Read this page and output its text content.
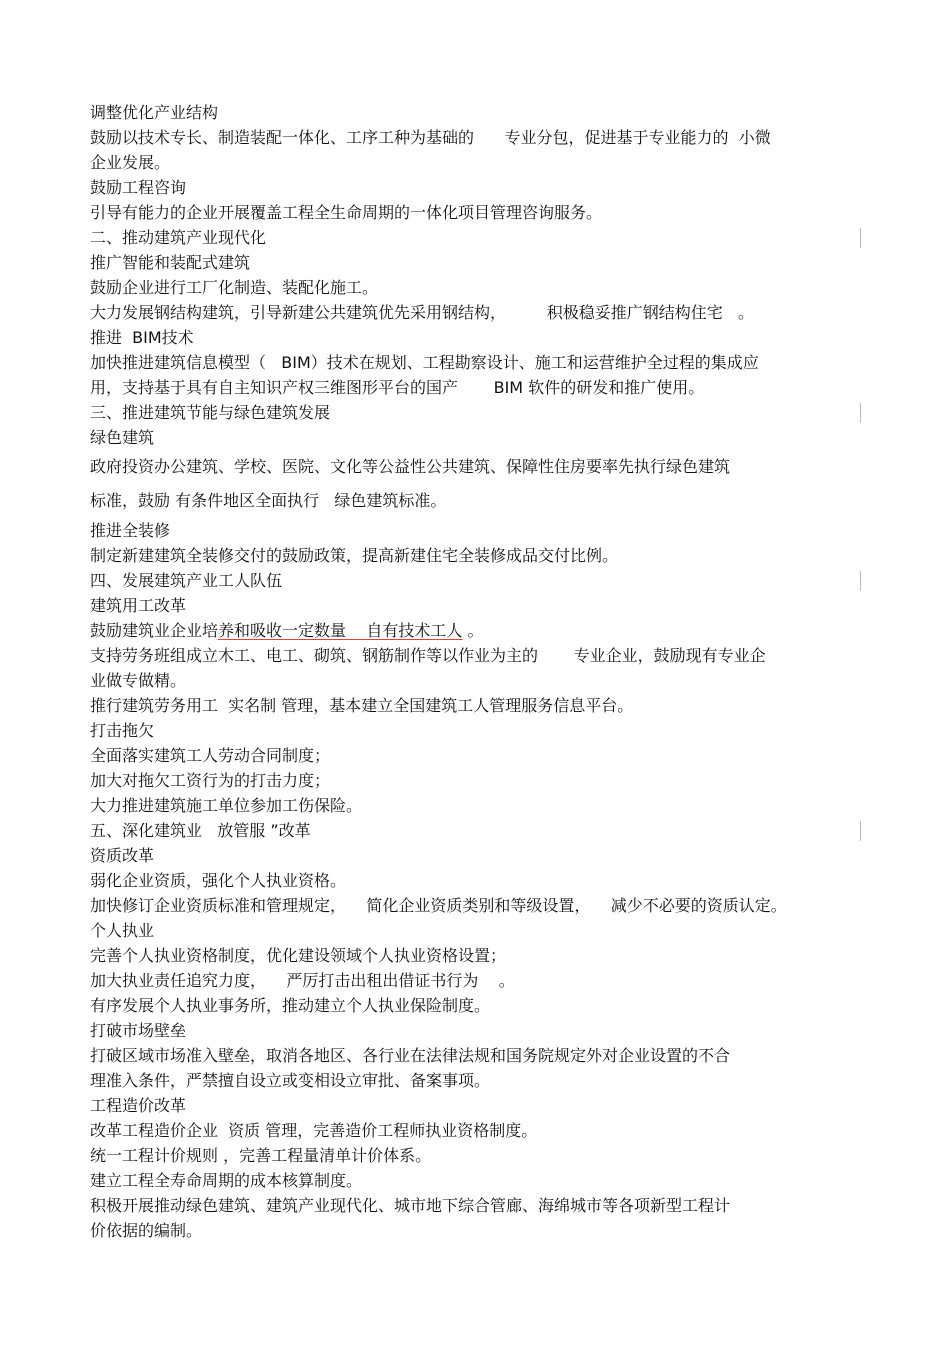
调整优化产业结构

鼓励以技术专长、制造装配一体化、工序工种为基础的      专业分包，促进基于专业能力的  小微

企业发展。

鼓励工程咨询

引导有能力的企业开展覆盖工程全生命周期的一体化项目管理咨询服务。

二、推动建筑产业现代化

推广智能和装配式建筑

鼓励企业进行工厂化制造、装配化施工。

大力发展钢结构建筑，引导新建公共建筑优先采用钢结构，        积极稳妥推广钢结构住宅   。

推进  BIM技术

加快推进建筑信息模型（   BIM）技术在规划、工程勘察设计、施工和运营维护全过程的集成应

用，支持基于具有自主知识产权三维图形平台的国产       BIM 软件的研发和推广使用。

三、推进建筑节能与绿色建筑发展

绿色建筑

政府投资办公建筑、学校、医院、文化等公益性公共建筑、保障性住房要率先执行绿色建筑

标准，鼓励 有条件地区全面执行   绿色建筑标准。

推进全装修

制定新建建筑全装修交付的鼓励政策，提高新建住宅全装修成品交付比例。

四、发展建筑产业工人队伍

建筑用工改革

鼓励建筑业企业培养和吸收一定数量    自有技术工人 。

支持劳务班组成立木工、电工、砌筑、钢筋制作等以作业为主的       专业企业，鼓励现有专业企

业做专做精。

推行建筑劳务用工  实名制 管理，基本建立全国建筑工人管理服务信息平台。

打击拖欠

全面落实建筑工人劳动合同制度；

加大对拖欠工资行为的打击力度；

大力推进建筑施工单位参加工伤保险。

五、深化建筑业   放管服 ”改革

资质改革

弱化企业资质，强化个人执业资格。

加快修订企业资质标准和管理规定，    简化企业资质类别和等级设置，    减少不必要的资质认定。

个人执业

完善个人执业资格制度，优化建设领域个人执业资格设置；

加大执业责任追究力度，    严厉打击出租出借证书行为    。

有序发展个人执业事务所，推动建立个人执业保险制度。

打破市场壁垒

打破区域市场准入壁垒，取消各地区、各行业在法律法规和国务院规定外对企业设置的不合

理准入条件，严禁擅自设立或变相设立审批、备案事项。

工程造价改革

改革工程造价企业  资质 管理，完善造价工程师执业资格制度。

统一工程计价规则 ，完善工程量清单计价体系。

建立工程全寿命周期的成本核算制度。

积极开展推动绿色建筑、建筑产业现代化、城市地下综合管廊、海绵城市等各项新型工程计

价依据的编制。
